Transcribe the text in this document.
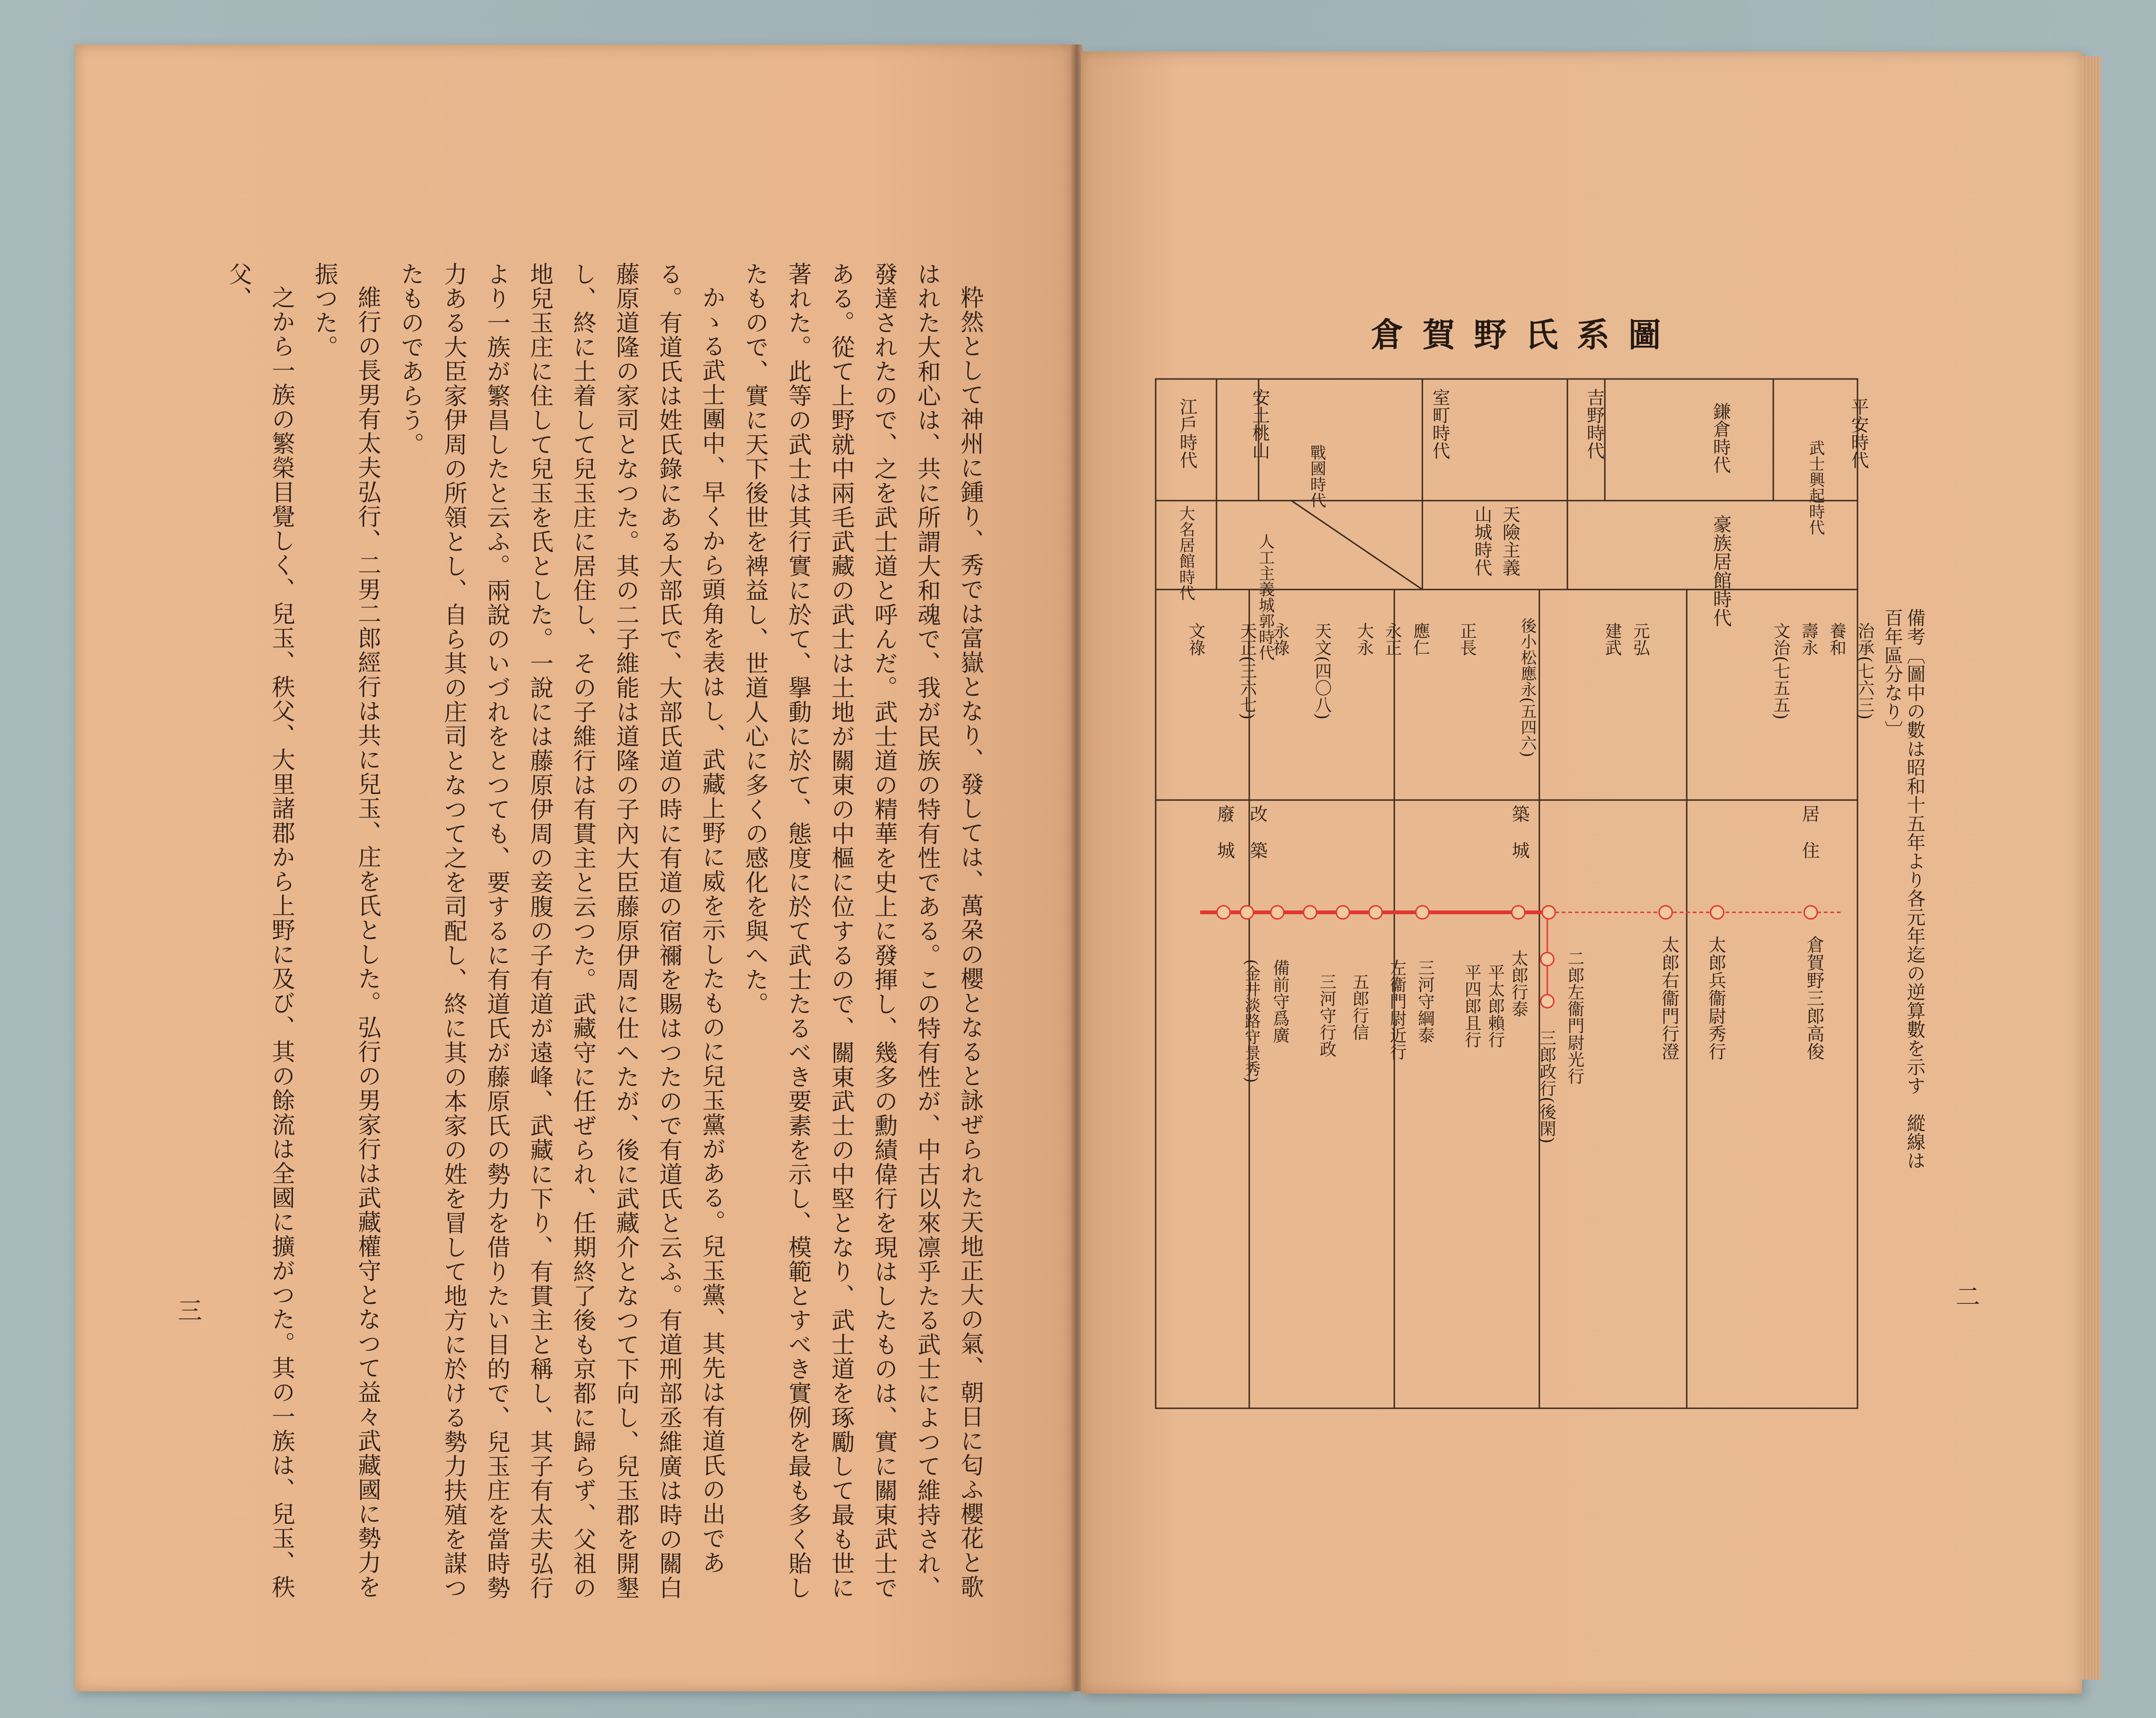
粋然として神州に鍾り、秀では富嶽となり、發しては、萬朶の櫻となると詠ぜられた天地正大の氣、朝日に匂ふ櫻花と歌はれた大和心は、共に所謂大和魂で、我が民族の特有性である。この特有性が、中古以來凛乎たる武士によつて維持され、發達されたので、之を武士道と呼んだ。武士道の精華を史上に發揮し、幾多の勳績偉行を現はしたものは、實に關東武士である。從て上野就中兩毛武藏の武士は土地が關東の中樞に位するので、關東武士の中堅となり、武士道を琢勵して最も世に著れた。此等の武士は其行實に於て、擧動に於て、態度に於て武士たるべき要素を示し、模範とすべき實例を最も多く貽したもので、實に天下後世を裨益し、世道人心に多くの感化を與へた。

かゝる武士團中、早くから頭角を表はし、武藏上野に威を示したものに兒玉黨がある。兒玉黨、其先は有道氏の出である。有道氏は姓氏錄にある大部氏で、大部氏道の時に有道の宿禰を賜はつたので有道氏と云ふ。有道刑部丞維廣は時の關白藤原道隆の家司となつた。其の二子維能は道隆の子內大臣藤原伊周に仕へたが、後に武藏介となつて下向し、兒玉郡を開墾し、終に土着して兒玉庄に居住し、その子維行は有貫主と云つた。武藏守に任ぜられ、任期終了後も京都に歸らず、父祖の地兒玉庄に住して兒玉を氏とした。一說には藤原伊周の妾腹の子有道が遠峰、武藏に下り、有貫主と稱し、其子有太夫弘行より一族が繁昌したと云ふ。兩說のいづれをとつても、要するに有道氏が藤原氏の勢力を借りたい目的で、兒玉庄を當時勢力ある大臣家伊周の所領とし、自ら其の庄司となつて之を司配し、終に其の本家の姓を冒して地方に於ける勢力扶殖を謀つたものであらう。

維行の長男有太夫弘行、二男二郎經行は共に兒玉、庄を氏とした。弘行の男家行は武藏權守となつて益々武藏國に勢力を振つた。

之から一族の繁榮目覺しく、兒玉、秩父、大里諸郡から上野に及び、其の餘流は全國に擴がつた。其の一族は、兒玉、秩父、

三
倉賀野氏系圖
平安時代
武士興起時代
鎌倉時代
吉野時代
室町時代
戰國時代
安土桃山
江戶時代
豪族居館時代
天險主義
山城時代
人工主義城郭時代
大名居館時代
治承(七六三)
養和
壽永
文治(七五五)
元弘
建武
後小松應永(五四六)
正長
應仁
永正
大永
天文(四〇八)
永祿
天正(三六七)
文祿
居住
築城
改築
廢城
倉賀野三郎高俊
太郎兵衞尉秀行
太郎右衞門行澄
二郎左衞門尉光行
三郎政行(後閑)
太郎行泰
平太郎賴行
平四郎且行
三河守綱泰
左衞門尉近行
五郎行信
三河守行政
備前守爲廣
(金井淡路守景秀)	備考〔圖中の數は昭和十五年より各元年迄の逆算數を示す　縱線は百年區分なり〕
二
